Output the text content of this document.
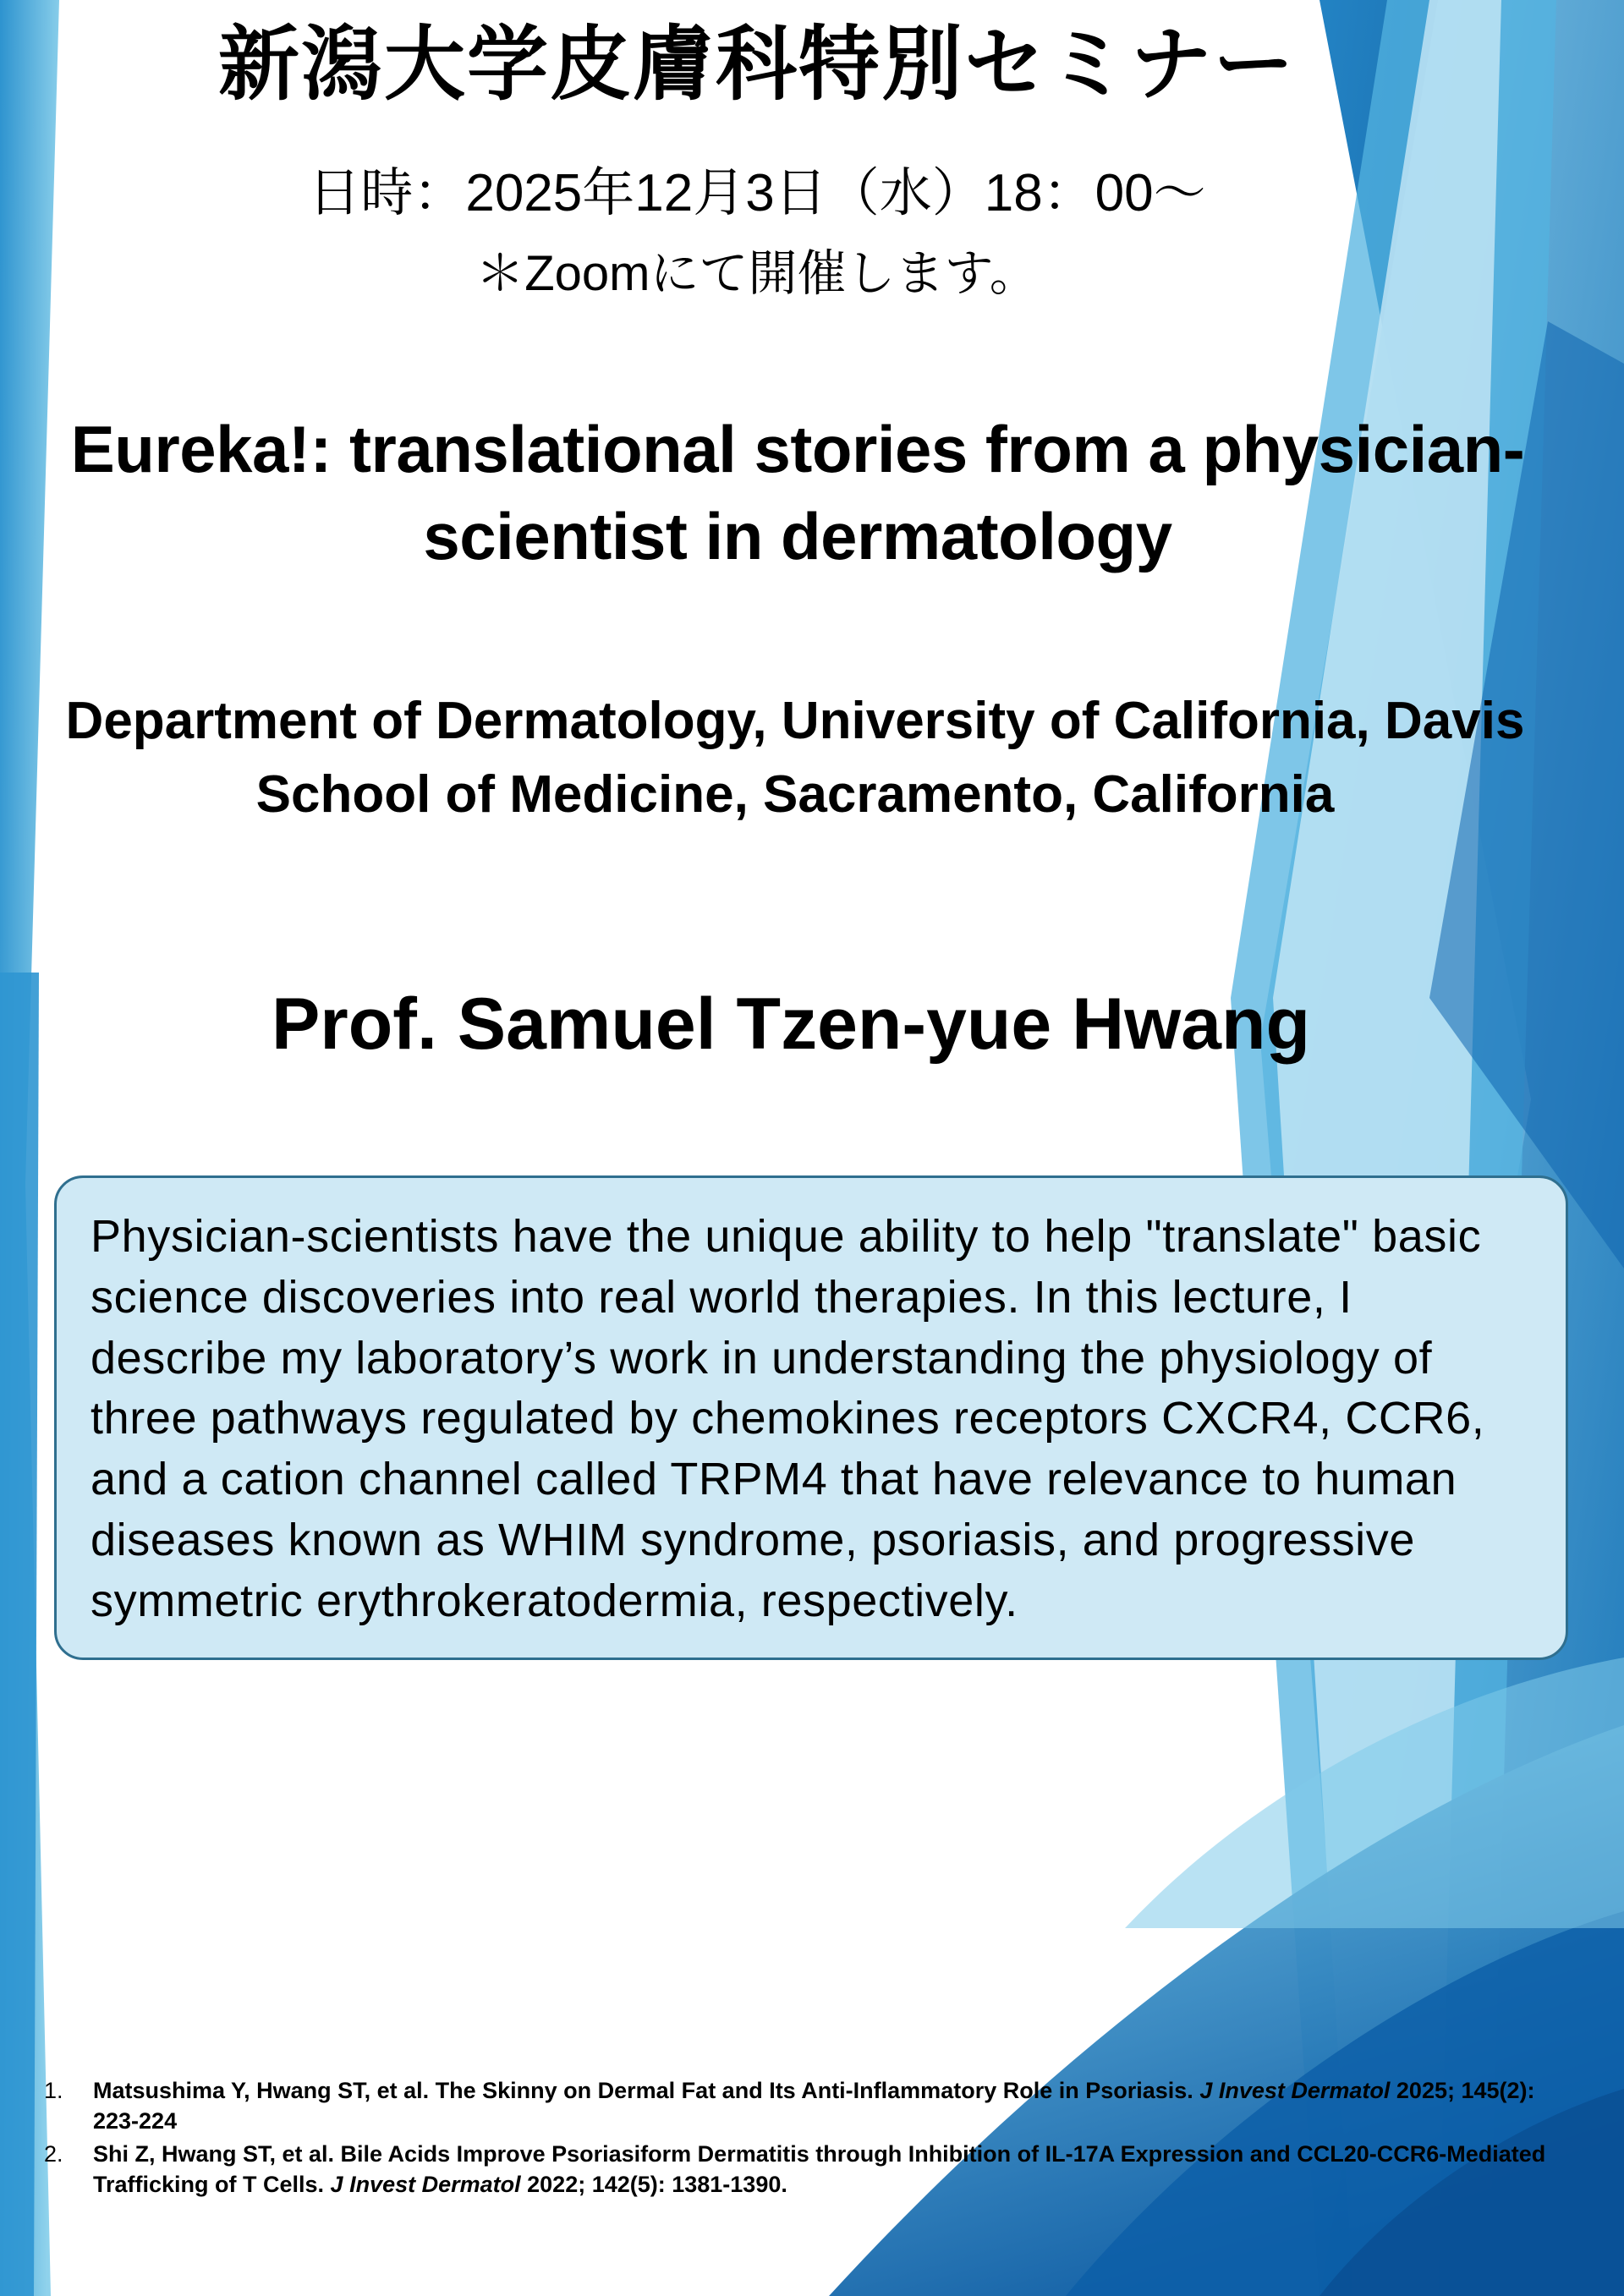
新潟大学皮膚科特別セミナー
日時：2025年12月3日（水）18：00〜
＊Zoomにて開催します。
Eureka!: translational stories from a physician-scientist in dermatology
Department of Dermatology, University of California, Davis School of Medicine, Sacramento, California
Prof. Samuel Tzen-yue Hwang
Physician-scientists have the unique ability to help "translate" basic science discoveries into real world therapies. In this lecture, I describe my laboratory’s work in understanding the physiology of three pathways regulated by chemokines receptors CXCR4, CCR6, and a cation channel called TRPM4 that have relevance to human diseases known as WHIM syndrome, psoriasis, and progressive symmetric erythrokeratodermia, respectively.
1.	Matsushima Y, Hwang ST, et al. The Skinny on Dermal Fat and Its Anti-Inflammatory Role in Psoriasis. J Invest Dermatol 2025; 145(2): 223-224
2.	Shi Z, Hwang ST, et al. Bile Acids Improve Psoriasiform Dermatitis through Inhibition of IL-17A Expression and CCL20-CCR6-Mediated Trafficking of T Cells. J Invest Dermatol 2022; 142(5): 1381-1390.
